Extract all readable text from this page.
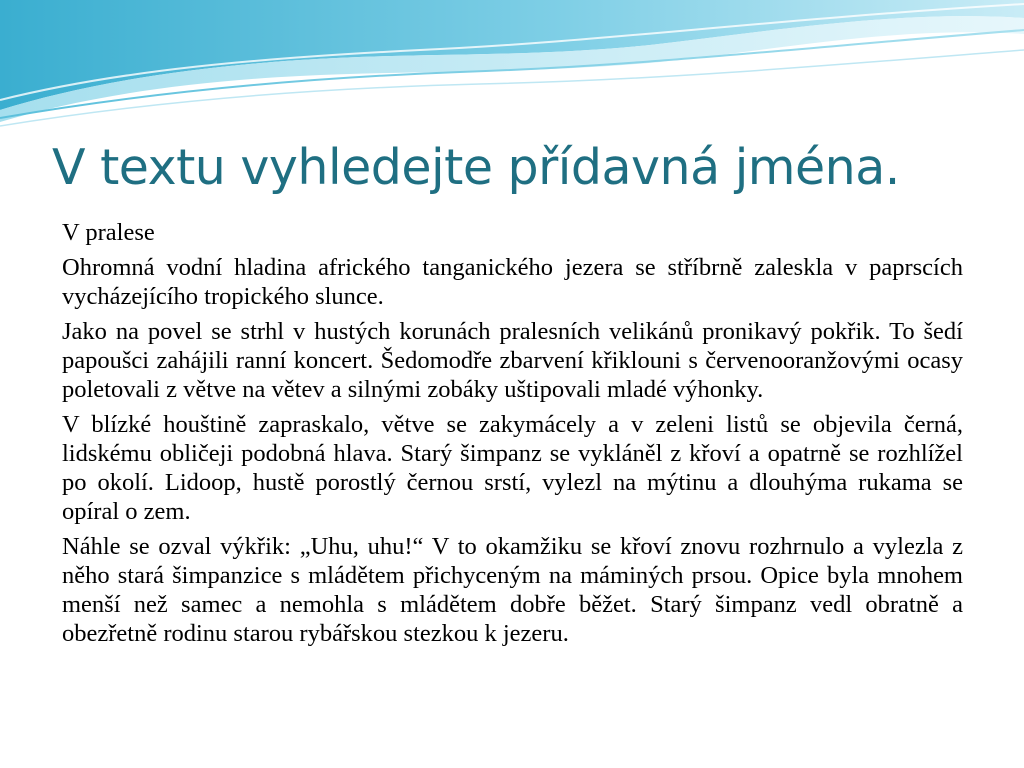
V textu vyhledejte přídavná jména.

V pralese

Ohromná vodní hladina afrického tanganického jezera se stříbrně zaleskla v paprscích vycházejícího tropického slunce.

Jako na povel se strhl v hustých korunách pralesních velikánů pronikavý pokřik. To šedí papoušci zahájili ranní koncert. Šedomodře zbarvení křiklouni s červenooranžovými ocasy poletovali z větve na větev a silnými zobáky uštipovali mladé výhonky.

V blízké houštině zapraskalo, větve se zakymácely a v zeleni listů se objevila černá, lidskému obličeji podobná hlava. Starý šimpanz se vykláněl z křoví a opatrně se rozhlížel po okolí. Lidoop, hustě porostlý černou srstí, vylezl na mýtinu a dlouhýma rukama se opíral o zem.

Náhle se ozval výkřik: „Uhu, uhu!“ V to okamžiku se křoví znovu rozhrnulo a vylezla z něho stará šimpanzice s mládětem přichyceným na máminých prsou. Opice byla mnohem menší než samec a nemohla s mládětem dobře běžet. Starý šimpanz vedl obratně a obezřetně rodinu starou rybářskou stezkou k jezeru.
